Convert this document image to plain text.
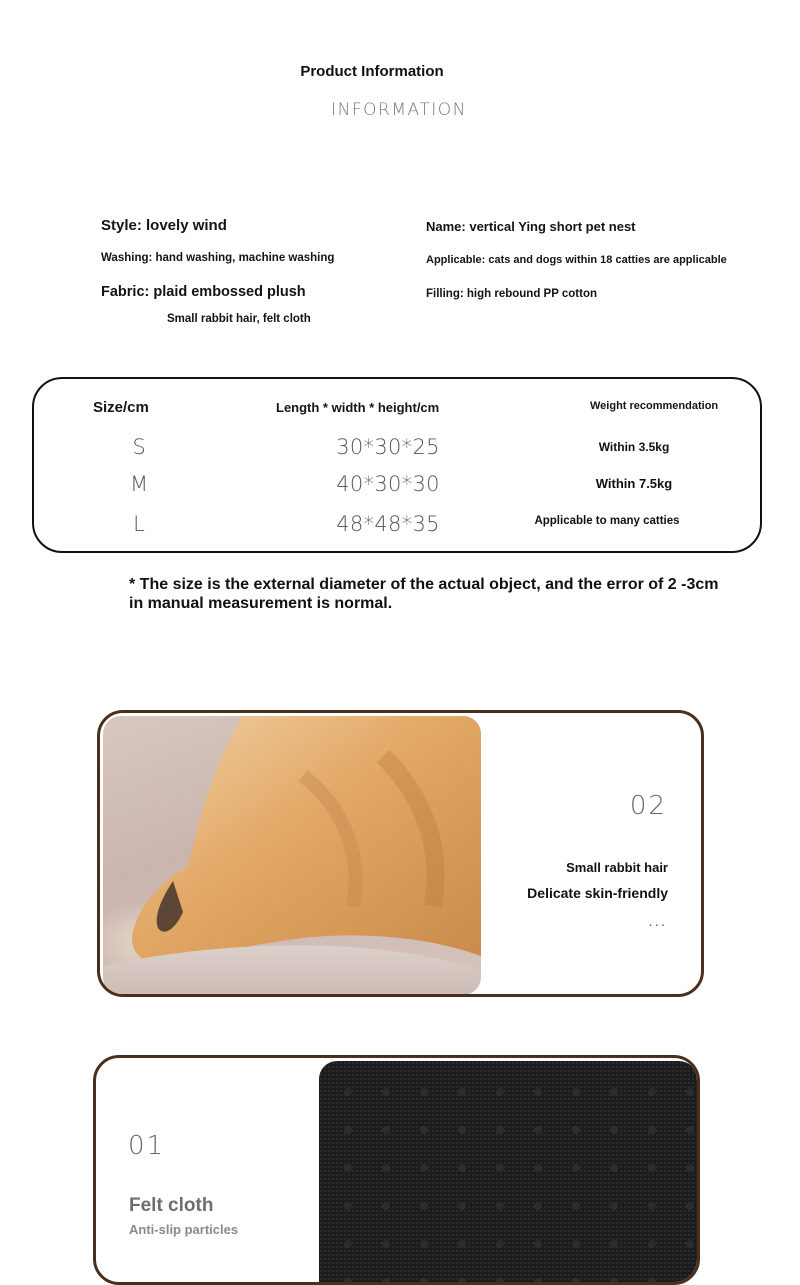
Product Information
INFORMATION
Style: lovely wind
Washing: hand washing, machine washing
Fabric: plaid embossed plush
Small rabbit hair, felt cloth
Name: vertical Ying short pet nest
Applicable: cats and dogs within 18 catties are applicable
Filling: high rebound PP cotton
Size/cm	Length * width * height/cm	Weight recommendation
S	30*30*25	Within 3.5kg
M	40*30*30	Within 7.5kg
L	48*48*35	Applicable to many catties
* The size is the external diameter of the actual object, and the error of 2 -3cm in manual measurement is normal.
02
Small rabbit hair
Delicate skin-friendly
...
01
Felt cloth
Anti-slip particles
